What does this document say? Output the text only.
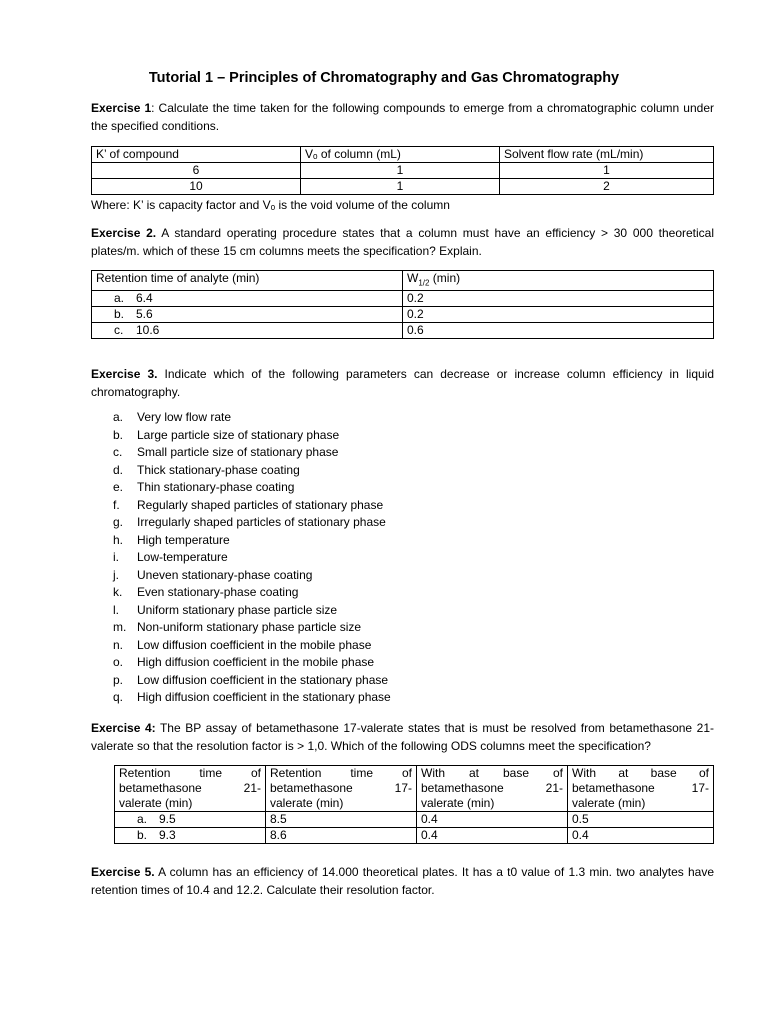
Tutorial 1 – Principles of Chromatography and Gas Chromatography
Exercise 1: Calculate the time taken for the following compounds to emerge from a chromatographic column under the specified conditions.
K’ of compound	Vₒ of column (mL)	Solvent flow rate (mL/min)
6	1	1
10	1	2
Where: K’ is capacity factor and Vₒ is the void volume of the column
Exercise 2. A standard operating procedure states that a column must have an efficiency > 30 000 theoretical plates/m. which of these 15 cm columns meets the specification? Explain.
Retention time of analyte (min)	$W_{1/2}$ (min)
a. 6.4	0.2
b. 5.6	0.2
c. 10.6	0.6
Exercise 3. Indicate which of the following parameters can decrease or increase column efficiency in liquid chromatography.
a.	Very low flow rate
b.	Large particle size of stationary phase
c.	Small particle size of stationary phase
d.	Thick stationary-phase coating
e.	Thin stationary-phase coating
f.	Regularly shaped particles of stationary phase
g.	Irregularly shaped particles of stationary phase
h.	High temperature
i.	Low-temperature
j.	Uneven stationary-phase coating
k.	Even stationary-phase coating
l.	Uniform stationary phase particle size
m. Non-uniform stationary phase particle size
n.	Low diffusion coefficient in the mobile phase
o.	High diffusion coefficient in the mobile phase
p.	Low diffusion coefficient in the stationary phase
q.	High diffusion coefficient in the stationary phase
Exercise 4: The BP assay of betamethasone 17-valerate states that is must be resolved from betamethasone 21-valerate so that the resolution factor is > 1,0. Which of the following ODS columns meet the specification?
Retention time of betamethasone 21-valerate (min)	Retention time of betamethasone 17-valerate (min)	With at base of betamethasone 21-valerate (min)	With at base of betamethasone 17-valerate (min)
a. 9.5	8.5	0.4	0.5
b. 9.3	8.6	0.4	0.4
Exercise 5. A column has an efficiency of 14.000 theoretical plates. It has a t0 value of 1.3 min. two analytes have retention times of 10.4 and 12.2. Calculate their resolution factor.
